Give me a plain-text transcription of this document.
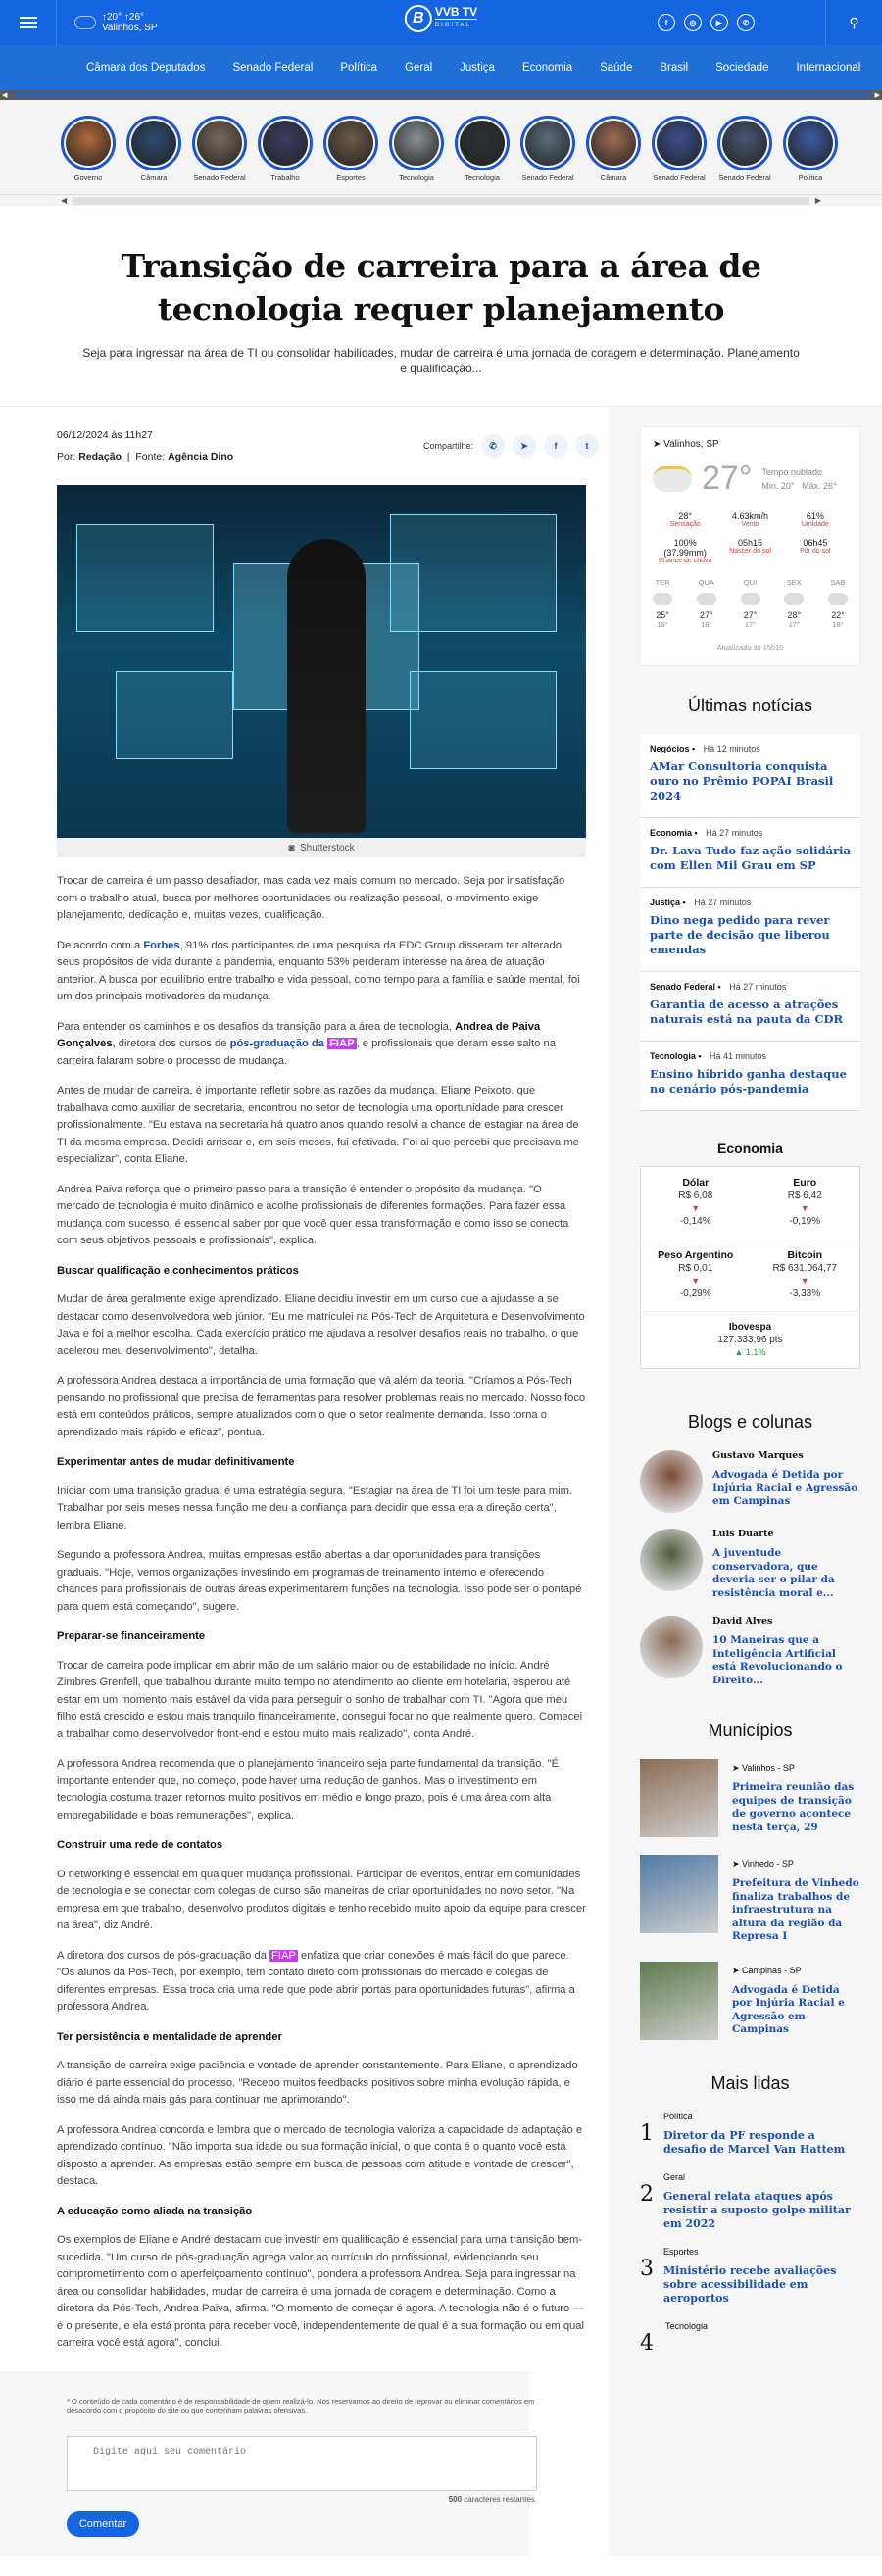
↑20° ↑26°
Valinhos, SP
B VVB TV
DIGITAL	f	◎	▶	✆	⚲
Câmara dos Deputados Senado Federal Política Geral Justiça Economia Saúde Brasil Sociedade Internacional
◀	▶
Governo	Câmara	Senado Federal	Trabalho	Esportes	Tecnologia	Tecnologia	Senado Federal	Câmara	Senado Federal Senado Federal	Política
◀	▶
Transição de carreira para a área de tecnologia requer planejamento

Seja para ingressar na área de TI ou consolidar habilidades, mudar de carreira é uma jornada de coragem e determinação. Planejamento e qualificação...

06/12/2024 às 11h27
Por: Redação  |  Fonte: Agência Dino
Compartilhe:	✆	➤	f	t
◙ Shutterstock

Trocar de carreira é um passo desafiador, mas cada vez mais comum no mercado. Seja por insatisfação com o trabalho atual, busca por melhores oportunidades ou realização pessoal, o movimento exige planejamento, dedicação e, muitas vezes, qualificação.

De acordo com a Forbes, 91% dos participantes de uma pesquisa da EDC Group disseram ter alterado seus propósitos de vida durante a pandemia, enquanto 53% perderam interesse na área de atuação anterior. A busca por equilíbrio entre trabalho e vida pessoal, como tempo para a família e saúde mental, foi um dos principais motivadores da mudança.

Para entender os caminhos e os desafios da transição para a área de tecnologia, Andrea de Paiva Gonçalves, diretora dos cursos de pós-graduação da FIAP , e profissionais que deram esse salto na carreira falaram sobre o processo de mudança.

Antes de mudar de carreira, é importante refletir sobre as razões da mudança. Eliane Peixoto, que trabalhava como auxiliar de secretaria, encontrou no setor de tecnologia uma oportunidade para crescer profissionalmente. "Eu estava na secretaria há quatro anos quando resolvi a chance de estagiar na área de TI da mesma empresa. Decidi arriscar e, em seis meses, fui efetivada. Foi ai que percebi que precisava me especializar", conta Eliane.

Andrea Paiva reforça que o primeiro passo para a transição é entender o propósito da mudança. "O mercado de tecnologia é muito dinâmico e acolhe profissionais de diferentes formações. Para fazer essa mudança com sucesso, é essencial saber por que você quer essa transformação e como isso se conecta com seus objetivos pessoais e profissionais", explica.

Buscar qualificação e conhecimentos práticos

Mudar de área geralmente exige aprendizado. Eliane decidiu investir em um curso que a ajudasse a se destacar como desenvolvedora web júnior. "Eu me matriculei na Pós-Tech de Arquitetura e Desenvolvimento Java e foi a melhor escolha. Cada exercício prático me ajudava a resolver desafios reais no trabalho, o que acelerou meu desenvolvimento", detalha.

A professora Andrea destaca a importância de uma formação que vá além da teoria. "Criamos a Pós-Tech pensando no profissional que precisa de ferramentas para resolver problemas reais no mercado. Nosso foco está em conteúdos práticos, sempre atualizados com o que o setor realmente demanda. Isso torna o aprendizado mais rápido e eficaz", pontua.

Experimentar antes de mudar definitivamente

Iniciar com uma transição gradual é uma estratégia segura. "Estagiar na área de TI foi um teste para mim. Trabalhar por seis meses nessa função me deu a confiança para decidir que essa era a direção certa", lembra Eliane.

Segundo a professora Andrea, muitas empresas estão abertas a dar oportunidades para transições graduais. "Hoje, vemos organizações investindo em programas de treinamento interno e oferecendo chances para profissionais de outras áreas experimentarem funções na tecnologia. Isso pode ser o pontapé para quem está começando", sugere.

Preparar-se financeiramente

Trocar de carreira pode implicar em abrir mão de um salário maior ou de estabilidade no início. André Zimbres Grenfell, que trabalhou durante muito tempo no atendimento ao cliente em hotelaria, esperou até estar em um momento mais estável da vida para perseguir o sonho de trabalhar com TI. "Agora que meu filho está crescido e estou mais tranquilo financeiramente, consegui focar no que realmente quero. Comecei a trabalhar como desenvolvedor front-end e estou muito mais realizado", conta André.

A professora Andrea recomenda que o planejamento financeiro seja parte fundamental da transição. "É importante entender que, no começo, pode haver uma redução de ganhos. Mas o investimento em tecnologia costuma trazer retornos muito positivos em médio e longo prazo, pois é uma área com alta empregabilidade e boas remunerações", explica.

Construir uma rede de contatos

O networking é essencial em qualquer mudança profissional. Participar de eventos, entrar em comunidades de tecnologia e se conectar com colegas de curso são maneiras de criar oportunidades no novo setor. "Na empresa em que trabalho, desenvolvo produtos digitais e tenho recebido muito apoio da equipe para crescer na área", diz André.

A diretora dos cursos de pós-graduação da FIAP enfatiza que criar conexões é mais fácil do que parece. "Os alunos da Pós-Tech, por exemplo, têm contato direto com profissionais do mercado e colegas de diferentes empresas. Essa troca cria uma rede que pode abrir portas para oportunidades futuras", afirma a professora Andrea.

Ter persistência e mentalidade de aprender

A transição de carreira exige paciência e vontade de aprender constantemente. Para Eliane, o aprendizado diário é parte essencial do processo. "Recebo muitos feedbacks positivos sobre minha evolução rápida, e isso me dá ainda mais gás para continuar me aprimorando".

A professora Andrea concorda e lembra que o mercado de tecnologia valoriza a capacidade de adaptação e aprendizado contínuo. "Não importa sua idade ou sua formação inicial, o que conta é o quanto você está disposto a aprender. As empresas estão sempre em busca de pessoas com atitude e vontade de crescer", destaca.

A educação como aliada na transição

Os exemplos de Eliane e André destacam que investir em qualificação é essencial para uma transição bem-sucedida. "Um curso de pós-graduação agrega valor ao currículo do profissional, evidenciando seu comprometimento com o aperfeiçoamento contínuo", pondera a professora Andrea. Seja para ingressar na área ou consolidar habilidades, mudar de carreira é uma jornada de coragem e determinação. Como a diretora da Pós-Tech, Andrea Paiva, afirma. "O momento de começar é agora. A tecnologia não é o futuro — é o presente, e ela está pronta para receber você, independentemente de qual é a sua formação ou em qual carreira você está agora", conclui.

* O conteúdo de cada comentário é de responsabilidade de quem realizá-lo. Nos reservamos ao direito de reprovar ou eliminar comentários em desacordo com o propósito do site ou que contenham palavras ofensivas.
Digite aqui seu comentário
500 caracteres restantes.
Comentar
➤ Valinhos, SP
27° Tempo nublado
Min. 20° Máx. 26°
28°
Sensação
4.63km/h
Vento
61%
Umidade
100% (37.99mm)
Chance de chuva
05h15
Nascer do sol
06h45
Pôr do sol
TER
25°
19°
QUA
27°
18°
QUI
27°
17°
SEX
28°
17°
SAB
22°
18°
Atualizado às 15h10
Últimas notícias
Negócios • Há 12 minutos
AMar Consultoria conquista ouro no Prêmio POPAI Brasil 2024
Economia • Há 27 minutos
Dr. Lava Tudo faz ação solidária com Ellen Mil Grau em SP
Justiça • Há 27 minutos
Dino nega pedido para rever parte de decisão que liberou emendas
Senado Federal • Há 27 minutos
Garantia de acesso a atrações naturais está na pauta da CDR
Tecnologia • Há 41 minutos
Ensino híbrido ganha destaque no cenário pós-pandemia
Economia
Dólar
R$ 6,08
▼
-0,14%
Euro
R$ 6,42
▼
-0,19%
Peso Argentino
R$ 0,01
▼
-0,29%
Bitcoin
R$ 631.064,77
▼
-3,33%
Ibovespa
127.333,96 pts
▲ 1.1%
Blogs e colunas
Gustavo Marques
Advogada é Detida por Injúria Racial e Agressão em Campinas
Luis Duarte
A juventude conservadora, que deveria ser o pilar da resistência moral e...
David Alves
10 Maneiras que a Inteligência Artificial está Revolucionando o Direito...
Municípios
➤ Valinhos - SP
Primeira reunião das equipes de transição de governo acontece nesta terça, 29
➤ Vinhedo - SP
Prefeitura de Vinhedo finaliza trabalhos de infraestrutura na altura da região da Represa I
➤ Campinas - SP
Advogada é Detida por Injúria Racial e Agressão em Campinas
Mais lidas
1
Política
Diretor da PF responde a desafio de Marcel Van Hattem
2
Geral
General relata ataques após resistir a suposto golpe militar em 2022
3
Esportes
Ministério recebe avaliações sobre acessibilidade em aeroportos
4
Tecnologia
